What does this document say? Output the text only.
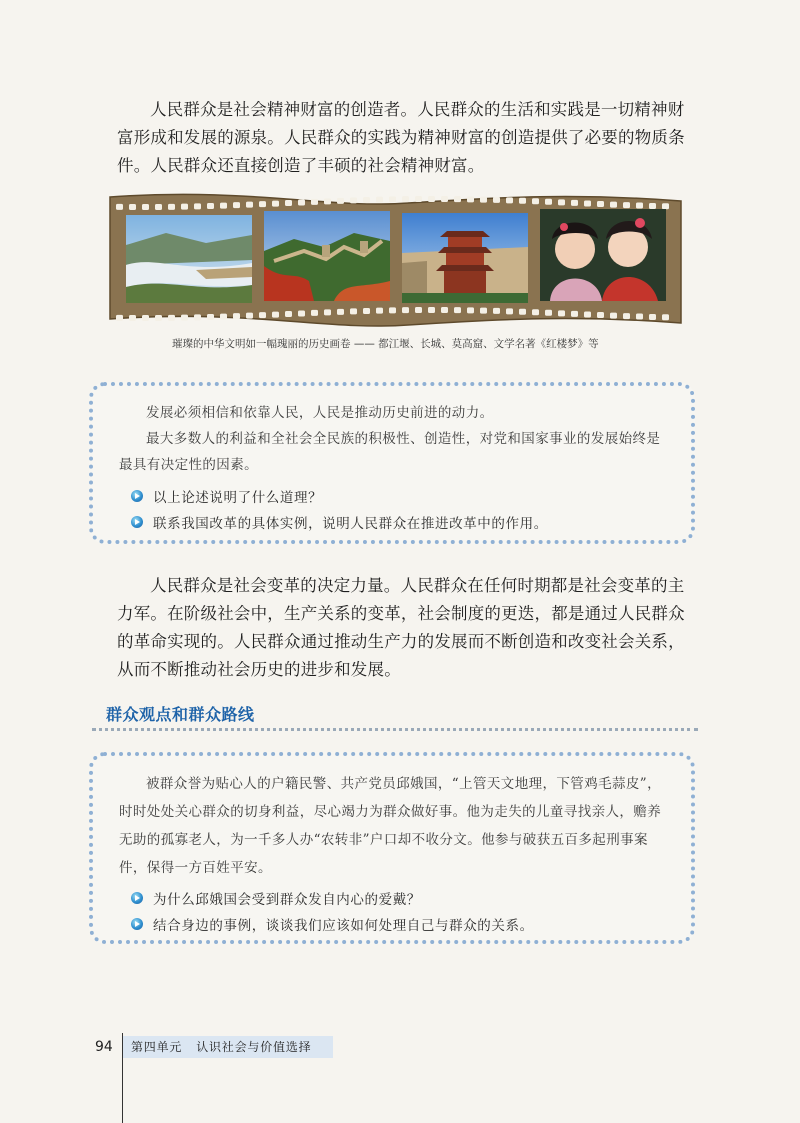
人民群众是社会精神财富的创造者。人民群众的生活和实践是一切精神财富形成和发展的源泉。人民群众的实践为精神财富的创造提供了必要的物质条件。人民群众还直接创造了丰硕的社会精神财富。

璀璨的中华文明如一幅瑰丽的历史画卷 —— 都江堰、长城、莫高窟、文学名著《红楼梦》等

发展必须相信和依靠人民，人民是推动历史前进的动力。

最大多数人的利益和全社会全民族的积极性、创造性，对党和国家事业的发展始终是最具有决定性的因素。

以上论述说明了什么道理？
联系我国改革的具体实例，说明人民群众在推进改革中的作用。

人民群众是社会变革的决定力量。人民群众在任何时期都是社会变革的主力军。在阶级社会中，生产关系的变革，社会制度的更迭，都是通过人民群众的革命实现的。人民群众通过推动生产力的发展而不断创造和改变社会关系，从而不断推动社会历史的进步和发展。

群众观点和群众路线

被群众誉为贴心人的户籍民警、共产党员邱娥国，“上管天文地理，下管鸡毛蒜皮”，时时处处关心群众的切身利益，尽心竭力为群众做好事。他为走失的儿童寻找亲人，赡养无助的孤寡老人，为一千多人办“农转非”户口却不收分文。他参与破获五百多起刑事案件，保得一方百姓平安。

为什么邱娥国会受到群众发自内心的爱戴？
结合身边的事例，谈谈我们应该如何处理自己与群众的关系。
94	第四单元 认识社会与价值选择
